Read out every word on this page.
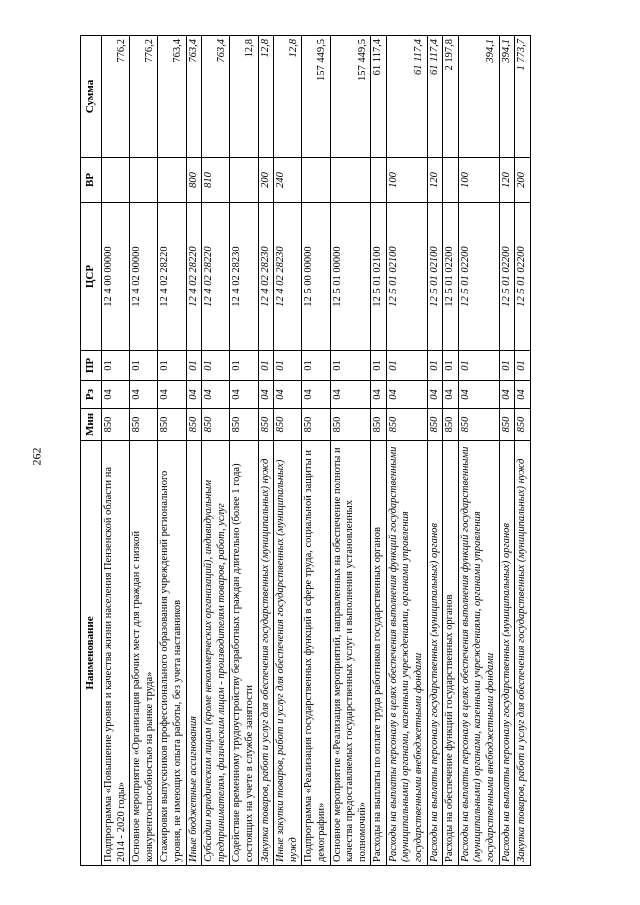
262
Наименование	Мин	Рз	ПР	ЦСР	ВР	Сумма
Подпрограмма «Повышение уровня и качества жизни населения Пензенской области на 2014 - 2020 годы»	850	04	01	12 4 00 00000		776,2
Основное мероприятие «Организация рабочих мест для граждан с низкой конкурентоспособностью на рынке труда»	850	04	01	12 4 02 00000		776,2
Стажировки выпускников профессионального образования учреждений регионального уровня, не имеющих опыта работы, без учета наставников	850	04	01	12 4 02 28220		763,4
Иные бюджетные ассигнования	850	04	01	12 4 02 28220	800	763,4
Субсидии юридическим лицам (кроме некоммерческих организаций), индивидуальным предпринимателям, физическим лицам - производителям товаров, работ, услуг	850	04	01	12 4 02 28220	810	763,4
Содействие временному трудоустройству безработных граждан длительно (более 1 года) состоящих на учете в службе занятости	850	04	01	12 4 02 28230		12,8
Закупка товаров, работ и услуг для обеспечения государственных (муниципальных) нужд	850	04	01	12 4 02 28230	200	12,8
Иные закупки товаров, работ и услуг для обеспечения государственных (муниципальных) нужд	850	04	01	12 4 02 28230	240	12,8
Подпрограмма «Реализация государственных функций в сфере труда, социальной защиты и демографии»	850	04	01	12 5 00 00000		157 449,5
Основное мероприятие «Реализация мероприятий, направленных на обеспечение полноты и качества предоставляемых государственных услуг и выполнения установленных полномочий»	850	04	01	12 5 01 00000		157 449,5
Расходы на выплаты по оплате труда работников государственных органов	850	04	01	12 5 01 02100		61 117,4
Расходы на выплаты персоналу в целях обеспечения выполнения функций государственными (муниципальными) органами, казенными учреждениями, органами управления государственными внебюджетными фондами	850	04	01	12 5 01 02100	100	61 117,4
Расходы на выплаты персоналу государственных (муниципальных) органов	850	04	01	12 5 01 02100	120	61 117,4
Расходы на обеспечение функций государственных органов	850	04	01	12 5 01 02200		2 197,8
Расходы на выплаты персоналу в целях обеспечения выполнения функций государственными (муниципальными) органами, казенными учреждениями, органами управления государственными внебюджетными фондами	850	04	01	12 5 01 02200	100	394,1
Расходы на выплаты персоналу государственных (муниципальных) органов	850	04	01	12 5 01 02200	120	394,1
Закупка товаров, работ и услуг для обеспечения государственных (муниципальных) нужд	850	04	01	12 5 01 02200	200	1 773,7
